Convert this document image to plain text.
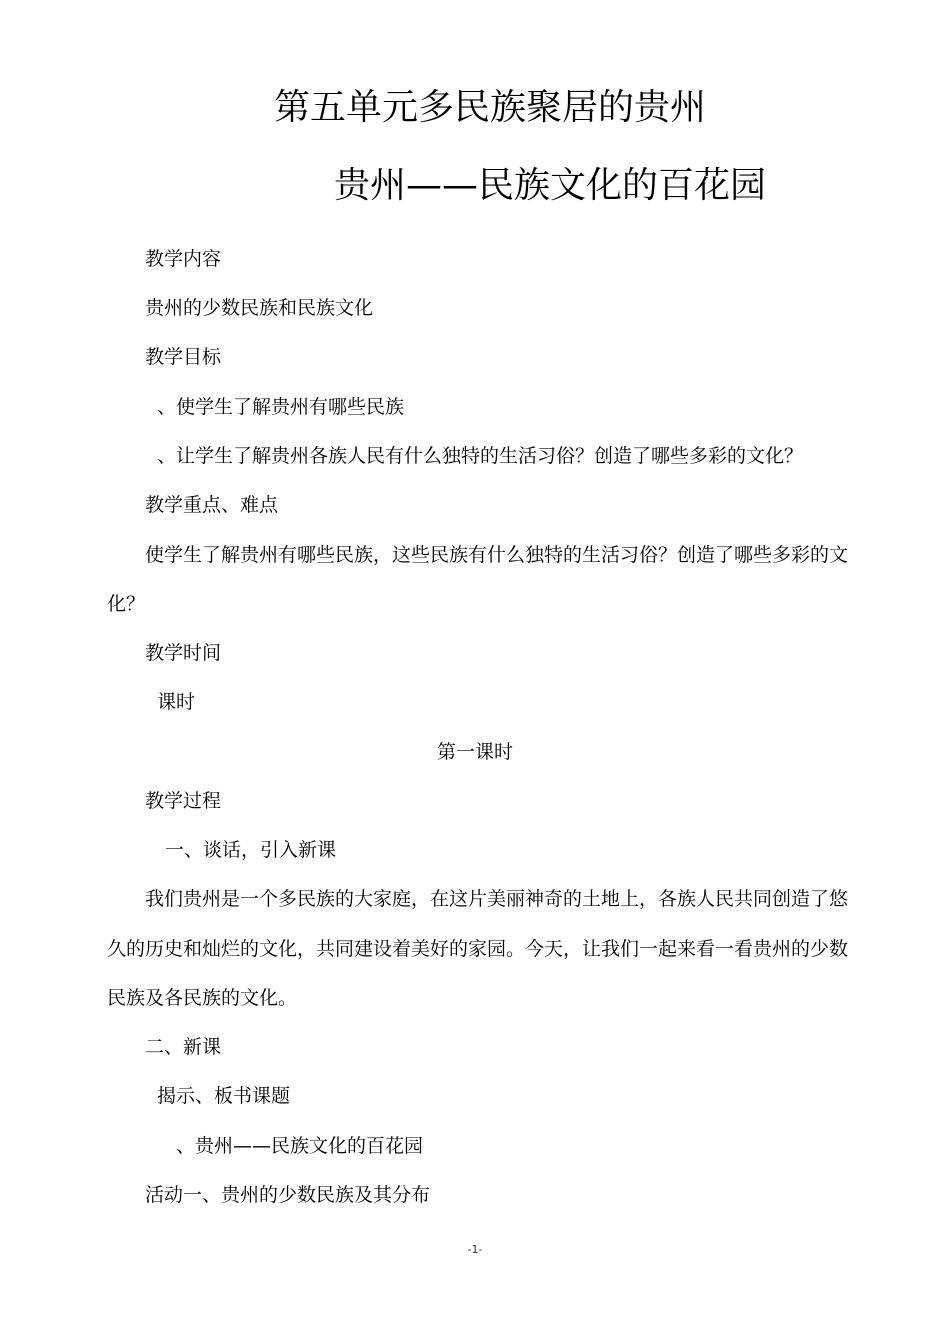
第五单元多民族聚居的贵州
贵州——民族文化的百花园
教学内容
贵州的少数民族和民族文化
教学目标
、使学生了解贵州有哪些民族
、让学生了解贵州各族人民有什么独特的生活习俗？创造了哪些多彩的文化？
教学重点、难点
使学生了解贵州有哪些民族，这些民族有什么独特的生活习俗？创造了哪些多彩的文
化？
教学时间
课时
第一课时
教学过程
一、谈话，引入新课
我们贵州是一个多民族的大家庭，在这片美丽神奇的土地上，各族人民共同创造了悠
久的历史和灿烂的文化，共同建设着美好的家园。今天，让我们一起来看一看贵州的少数
民族及各民族的文化。
二、新课
揭示、板书课题
、贵州——民族文化的百花园
活动一、贵州的少数民族及其分布
-1-
